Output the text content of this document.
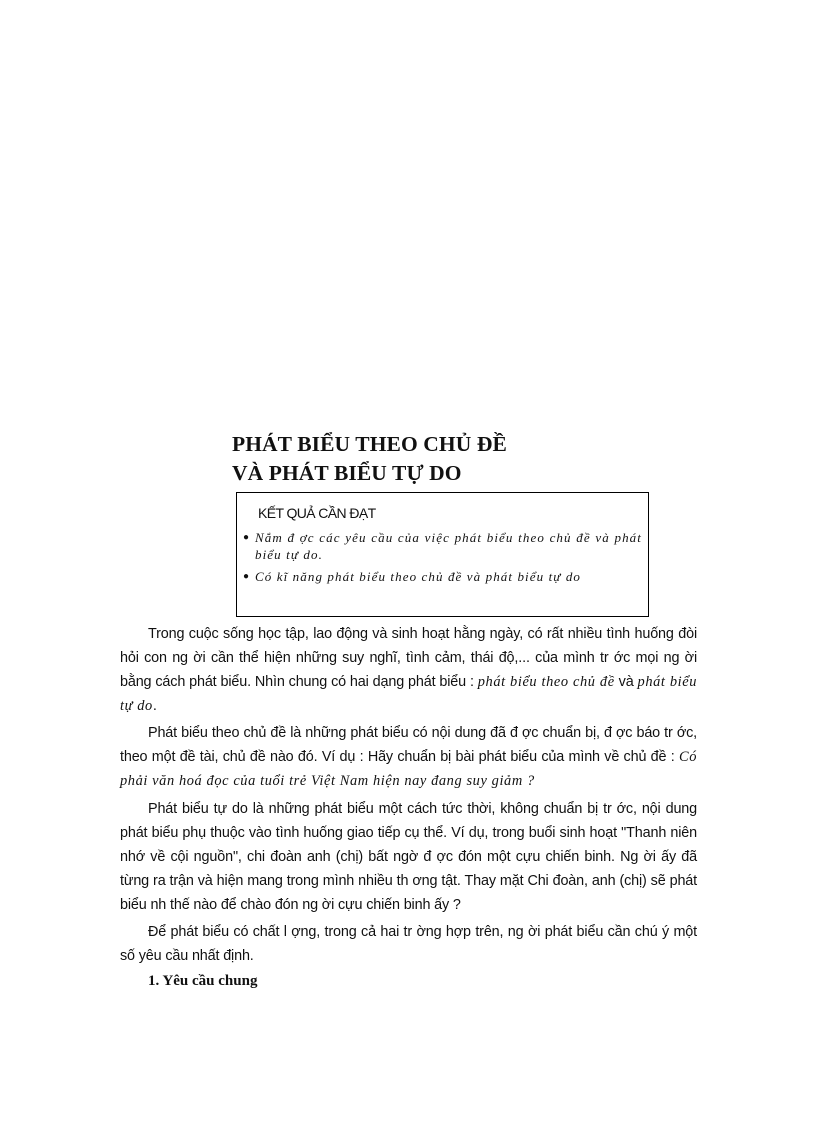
PHÁT BIỂU THEO CHỦ ĐỀ
VÀ PHÁT BIỂU TỰ DO
KẾT QUẢ CẦN ĐẠT
● Nắm đ ợc các yêu cầu của việc phát biểu theo chủ đề và phát biểu tự do.
● Có kĩ năng phát biểu theo chủ đề và phát biểu tự do

Trong cuộc sống học tập, lao động và sinh hoạt hằng ngày, có rất nhiều tình huống đòi hỏi con ng ời cần thể hiện những suy nghĩ, tình cảm, thái độ,... của mình tr ớc mọi ng ời bằng cách phát biểu. Nhìn chung có hai dạng phát biểu : phát biểu theo chủ đề và phát biểu tự do.

Phát biểu theo chủ đề là những phát biểu có nội dung đã đ ợc chuẩn bị, đ ợc báo tr ớc, theo một đề tài, chủ đề nào đó. Ví dụ : Hãy chuẩn bị bài phát biểu của mình về chủ đề : Có phải văn hoá đọc của tuổi trẻ Việt Nam hiện nay đang suy giảm ?

Phát biểu tự do là những phát biểu một cách tức thời, không chuẩn bị tr ớc, nội dung phát biểu phụ thuộc vào tình huống giao tiếp cụ thể. Ví dụ, trong buổi sinh hoạt "Thanh niên nhớ về cội nguồn", chi đoàn anh (chị) bất ngờ đ ợc đón một cựu chiến binh. Ng ời ấy đã từng ra trận và hiện mang trong mình nhiều th ơng tật. Thay mặt Chi đoàn, anh (chị) sẽ phát biểu nh thế nào để chào đón ng ời cựu chiến binh ấy ?

Để phát biểu có chất l ợng, trong cả hai tr ờng hợp trên, ng ời phát biểu cần chú ý một số yêu cầu nhất định.

1. Yêu cầu chung
